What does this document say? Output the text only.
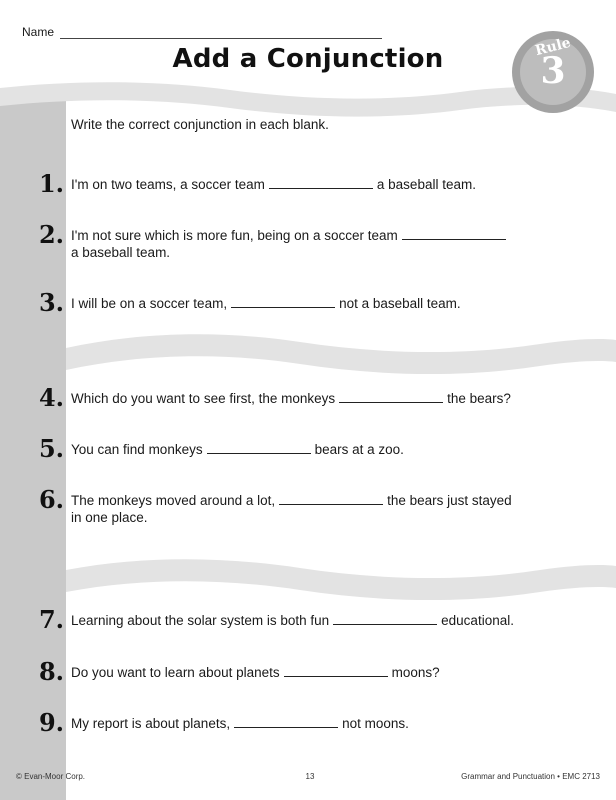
Name
Add a Conjunction	Rule
3
Write the correct conjunction in each blank.
1. I'm on two teams, a soccer team	a baseball team.
2. I'm not sure which is more fun, being on a soccer team
a baseball team.
3. I will be on a soccer team,	not a baseball team.
4. Which do you want to see first, the monkeys	the bears?
5. You can find monkeys	bears at a zoo.
6. The monkeys moved around a lot,	the bears just stayed
in one place.
7. Learning about the solar system is both fun	educational.
8. Do you want to learn about planets	moons?
9. My report is about planets,	not moons.
© Evan-Moor Corp.	13	Grammar and Punctuation • EMC 2713
